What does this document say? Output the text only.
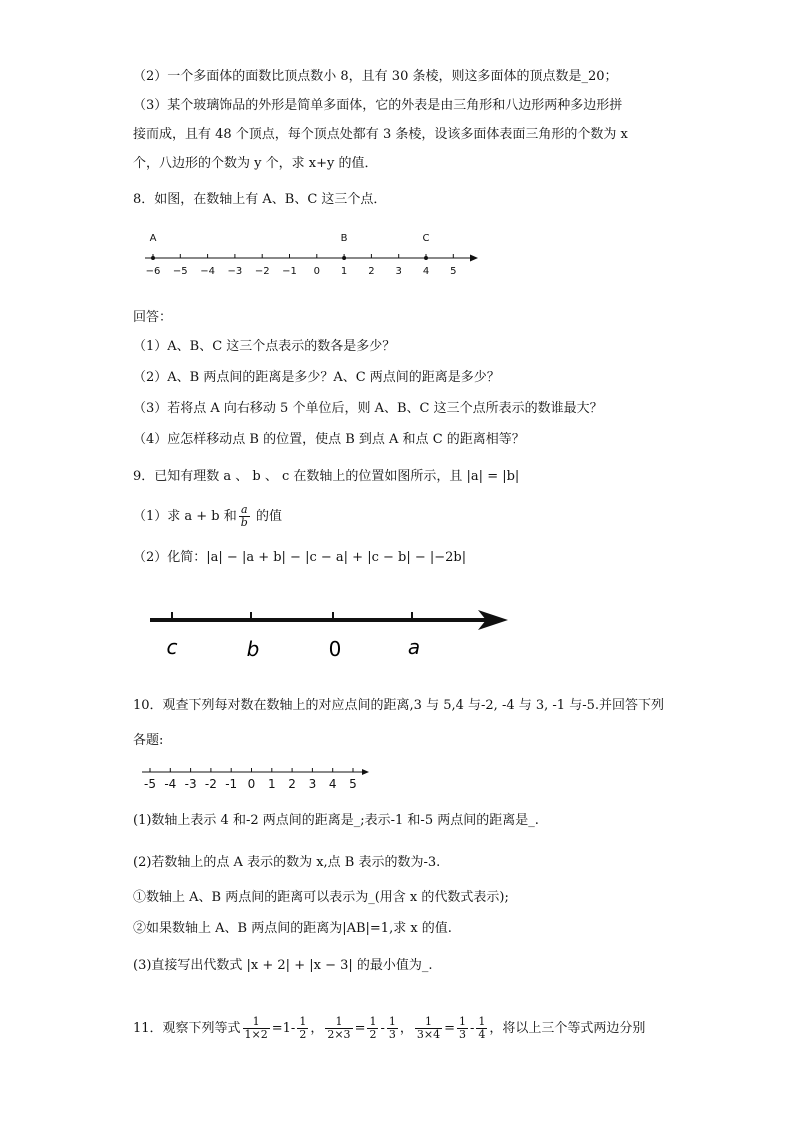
（2）一个多面体的面数比顶点数小 8，且有 30 条棱，则这多面体的顶点数是_20；
（3）某个玻璃饰品的外形是简单多面体，它的外表是由三角形和八边形两种多边形拼
接而成，且有 48 个顶点，每个顶点处都有 3 条棱，设该多面体表面三角形的个数为 x
个，八边形的个数为 y 个，求 x+y 的值．
8．如图，在数轴上有 A、B、C 这三个点．
−6 −5 −4 −3 −2 −1 0 1 2 3 4 5
A	B	C
回答：
（1）A、B、C 这三个点表示的数各是多少？
（2）A、B 两点间的距离是多少？A、C 两点间的距离是多少？
（3）若将点 A 向右移动 5 个单位后，则 A、B、C 这三个点所表示的数谁最大？
（4）应怎样移动点 B 的位置，使点 B 到点 A 和点 C 的距离相等？
9．已知有理数 a 、 b 、 c 在数轴上的位置如图所示，且 |a| = |b|
（1）求 a + b 和 $\frac{a}{b}$ 的值
（2）化简：|a| − |a + b| − |c − a| + |c − b| − |−2b|
c	b	0	a
10．观查下列每对数在数轴上的对应点间的距离,3 与 5,4 与-2, -4 与 3, -1 与-5.并回答下列
各题:
-5 -4 -3 -2 -1 0 1 2 3 4 5
(1)数轴上表示 4 和-2 两点间的距离是_;表示-1 和-5 两点间的距离是_.
(2)若数轴上的点 A 表示的数为 x,点 B 表示的数为-3.
①数轴上 A、B 两点间的距离可以表示为_(用含 x 的代数式表示);
②如果数轴上 A、B 两点间的距离为|AB|=1,求 x 的值.
(3)直接写出代数式 |x + 2| + |x − 3| 的最小值为_.
11．观察下列等式 $\frac{1}{1\times 2} =1- \frac{1}{2}$ ， $\frac{1}{2\times 3} = \frac{1}{2} - \frac{1}{3}$ ， $\frac{1}{3\times 4} = \frac{1}{3} - \frac{1}{4}$ ，将以上三个等式两边分别
